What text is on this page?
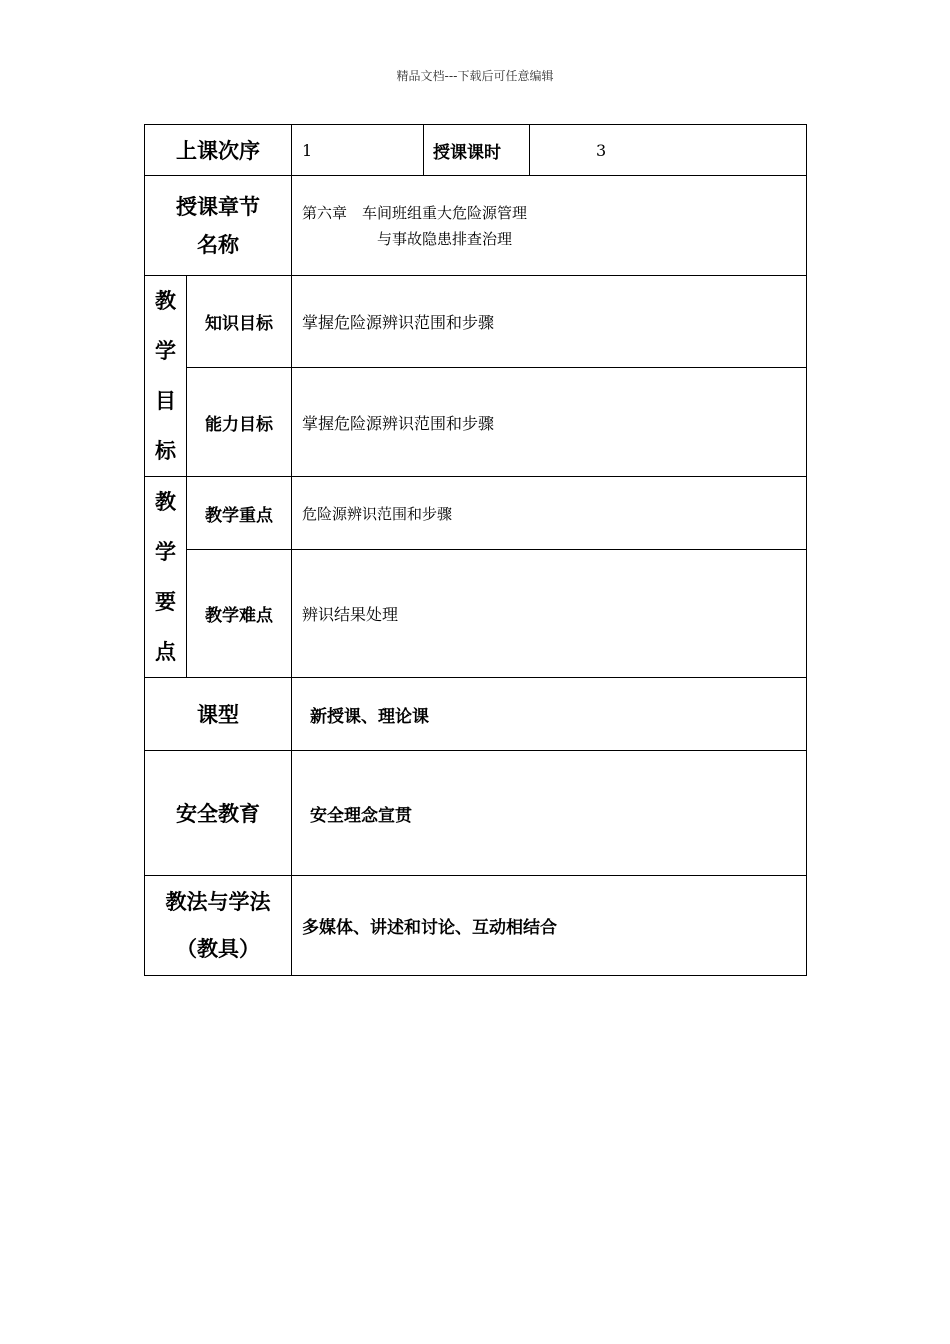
精品文档---下载后可任意编辑
上课次序		1	授课课时	3

授课章节
名称		第六章　车间班组重大危险源管理
与事故隐患排查治理		

教
学
目
标	知识目标	掌握危险源辨识范围和步骤		
	能力目标	掌握危险源辨识范围和步骤		

教
学
要
点	教学重点	危险源辨识范围和步骤		
	教学难点	辨识结果处理		
课型		新授课、理论课		
安全教育		安全理念宣贯		

教法与学法
（教具）		多媒体、讲述和讨论、互动相结合		
